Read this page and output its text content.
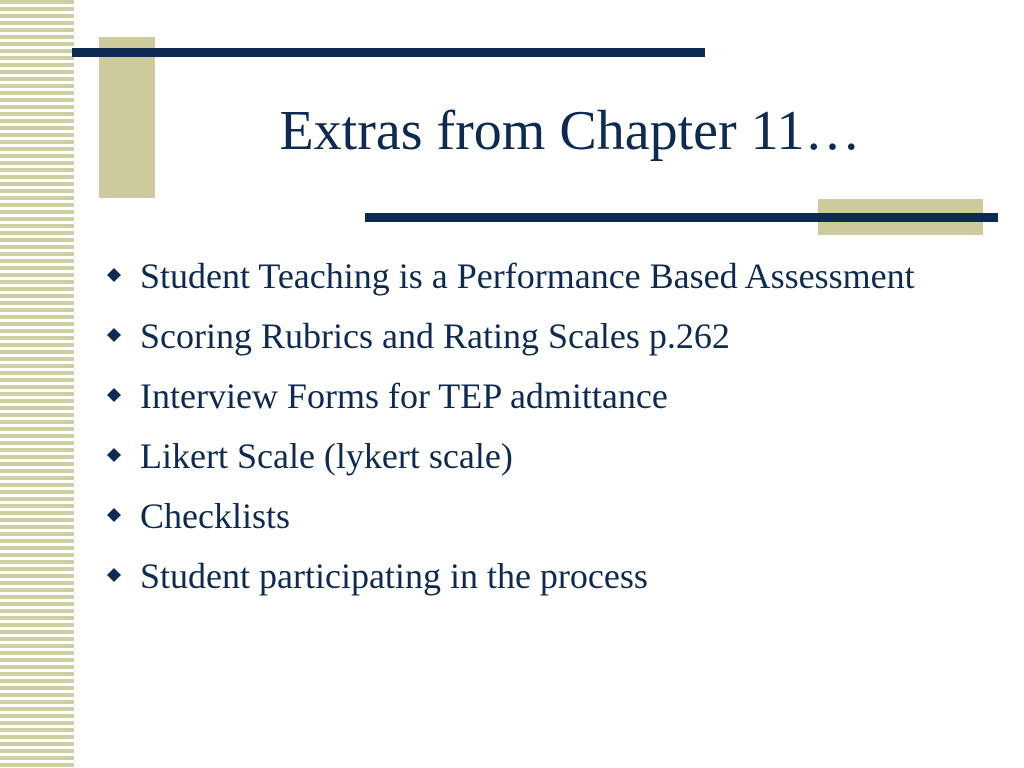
Extras from Chapter 11…
Student Teaching is a Performance Based Assessment
Scoring Rubrics and Rating Scales p.262
Interview Forms for TEP admittance
Likert Scale (lykert scale)
Checklists
Student participating in the process
